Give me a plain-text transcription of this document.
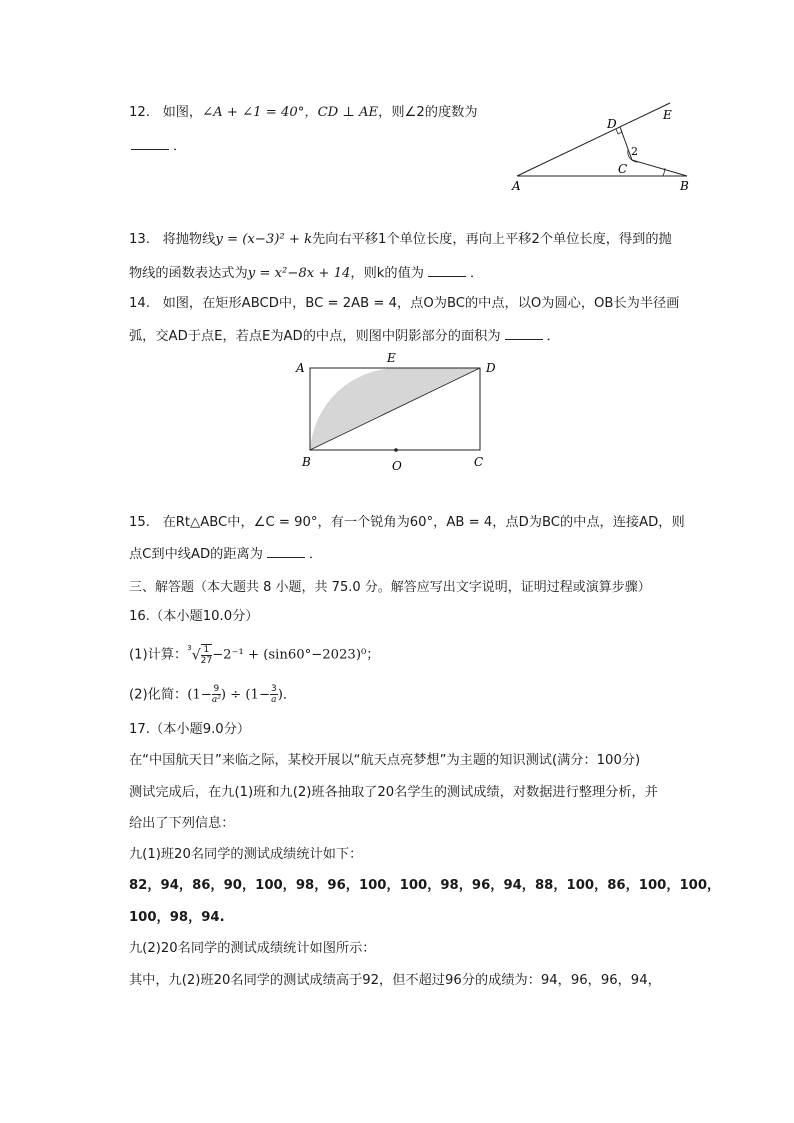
12. 如图，∠A + ∠1 = 40°，CD ⊥ AE，则∠2的度数为
．
A	B
C
D
E
2
13. 将抛物线y = (x−3)² + k先向右平移1个单位长度，再向上平移2个单位长度，得到的抛
物线的函数表达式为y = x²−8x + 14，则k的值为	．
14. 如图，在矩形ABCD中，BC = 2AB = 4，点O为BC的中点，以O为圆心，OB长为半径画
弧，交AD于点E，若点E为AD的中点，则图中阴影部分的面积为	．
A
E
D
B	O	C
15. 在Rt△ABC中，∠C = 90°，有一个锐角为60°，AB = 4，点D为BC的中点，连接AD，则
点C到中线AD的距离为	．
三、解答题（本大题共 8 小题，共 75.0 分。解答应写出文字说明，证明过程或演算步骤）
16.（本小题10.0分）
(1)计算：$^3√ \frac{1}{27} -2^{-1} + (\sin 60^\circ-2023)^0$；
(2)化简：($1- \frac{9}{\text{a²}}$ ) ÷ ($1- \frac{3}{a}$ )．
17.（本小题9.0分）
在“中国航天日”来临之际，某校开展以“航天点亮梦想”为主题的知识测试(满分：100分)
测试完成后，在九(1)班和九(2)班各抽取了20名学生的测试成绩，对数据进行整理分析，并
给出了下列信息：
九(1)班20名同学的测试成绩统计如下：
82，94，86，90，100，98，96，100，100，98，96，94，88，100，86，100，100，
100，98，94.
九(2)20名同学的测试成绩统计如图所示：
其中，九(2)班20名同学的测试成绩高于92，但不超过96分的成绩为：94，96，96，94，
